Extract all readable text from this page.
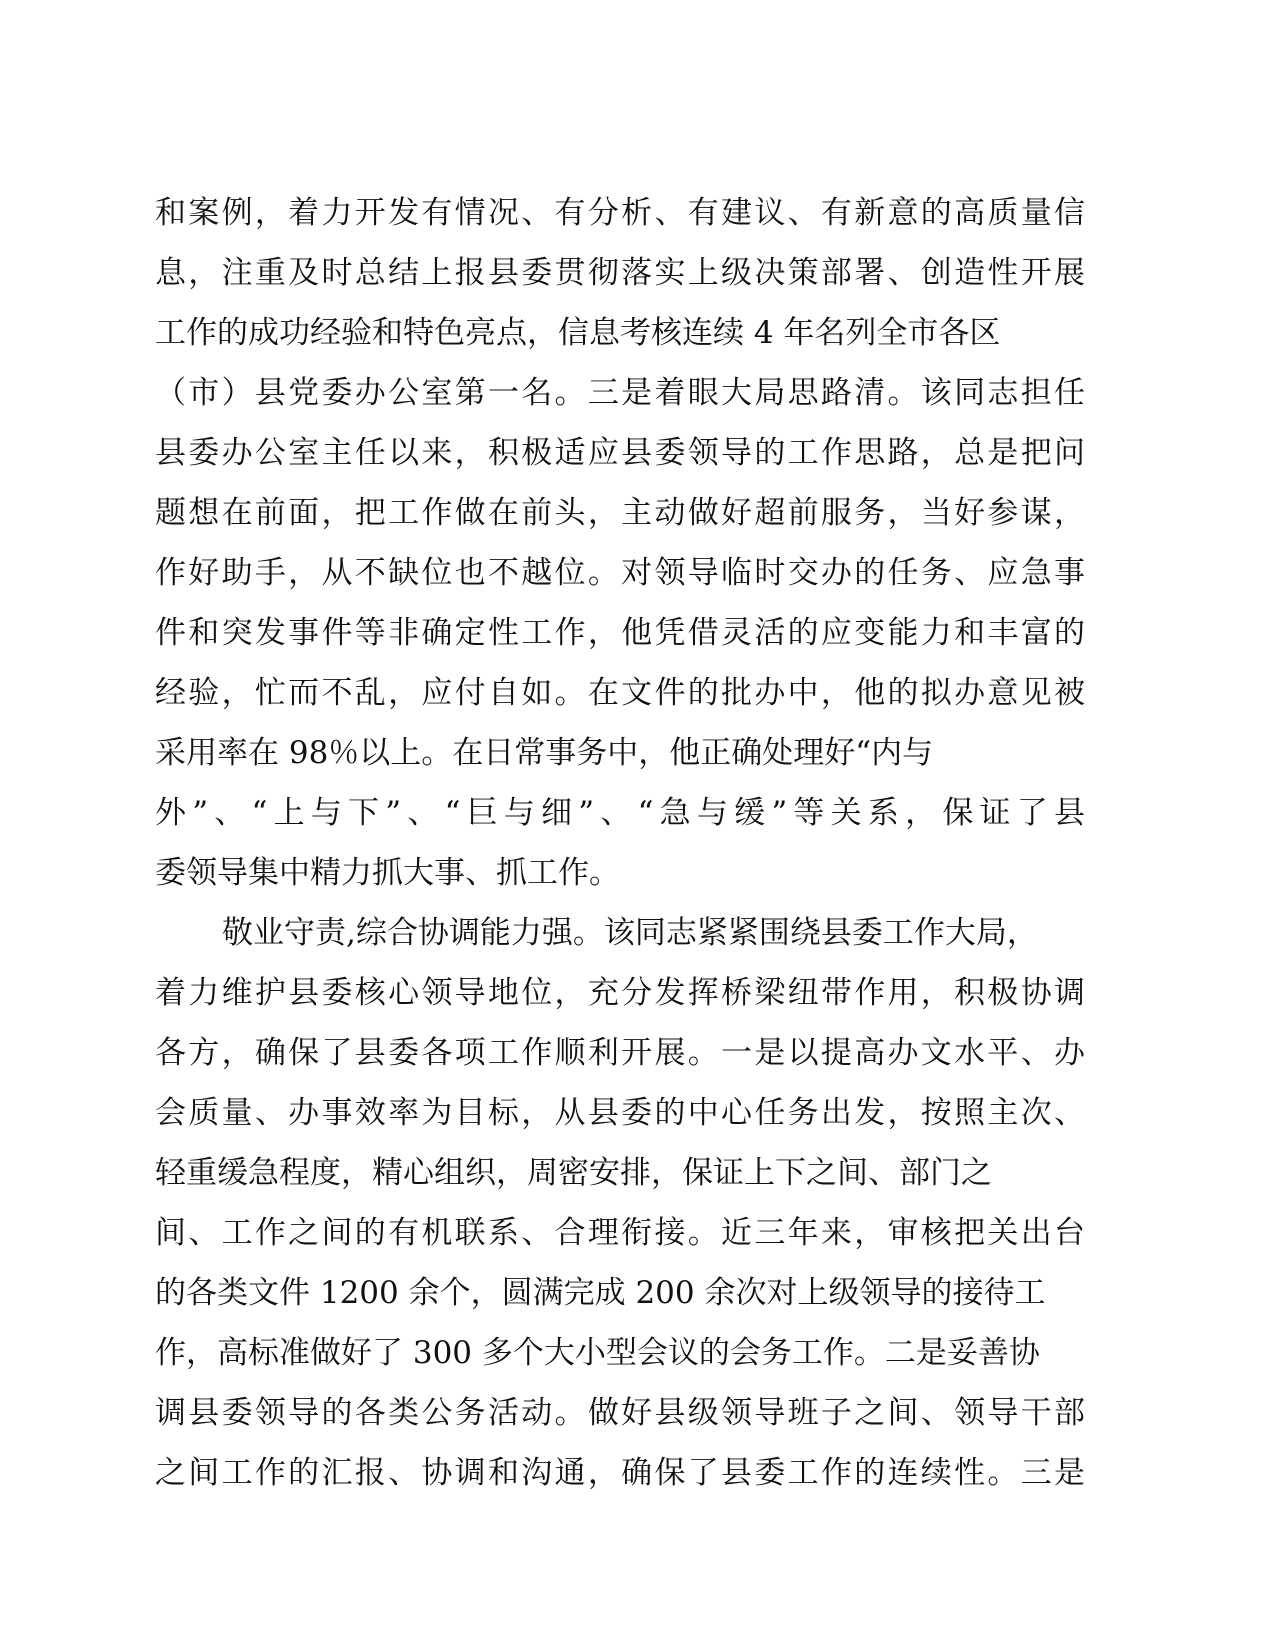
和案例，着力开发有情况、有分析、有建议、有新意的高质量信
息，注重及时总结上报县委贯彻落实上级决策部署、创造性开展
工作的成功经验和特色亮点，信息考核连续 4 年名列全市各区
（市）县党委办公室第一名。三是着眼大局思路清。该同志担任
县委办公室主任以来，积极适应县委领导的工作思路，总是把问
题想在前面，把工作做在前头，主动做好超前服务，当好参谋，
作好助手，从不缺位也不越位。对领导临时交办的任务、应急事
件和突发事件等非确定性工作，他凭借灵活的应变能力和丰富的
经验，忙而不乱，应付自如。在文件的批办中，他的拟办意见被
采用率在 98％以上。在日常事务中，他正确处理好“内与
外”、“上与下”、“巨与细”、“急与缓”等关系，保证了县
委领导集中精力抓大事、抓工作。
敬业守责,综合协调能力强。该同志紧紧围绕县委工作大局，
着力维护县委核心领导地位，充分发挥桥梁纽带作用，积极协调
各方，确保了县委各项工作顺利开展。一是以提高办文水平、办
会质量、办事效率为目标，从县委的中心任务出发，按照主次、
轻重缓急程度，精心组织，周密安排，保证上下之间、部门之
间、工作之间的有机联系、合理衔接。近三年来，审核把关出台
的各类文件 1200 余个，圆满完成 200 余次对上级领导的接待工
作，高标准做好了 300 多个大小型会议的会务工作。二是妥善协
调县委领导的各类公务活动。做好县级领导班子之间、领导干部
之间工作的汇报、协调和沟通，确保了县委工作的连续性。三是
